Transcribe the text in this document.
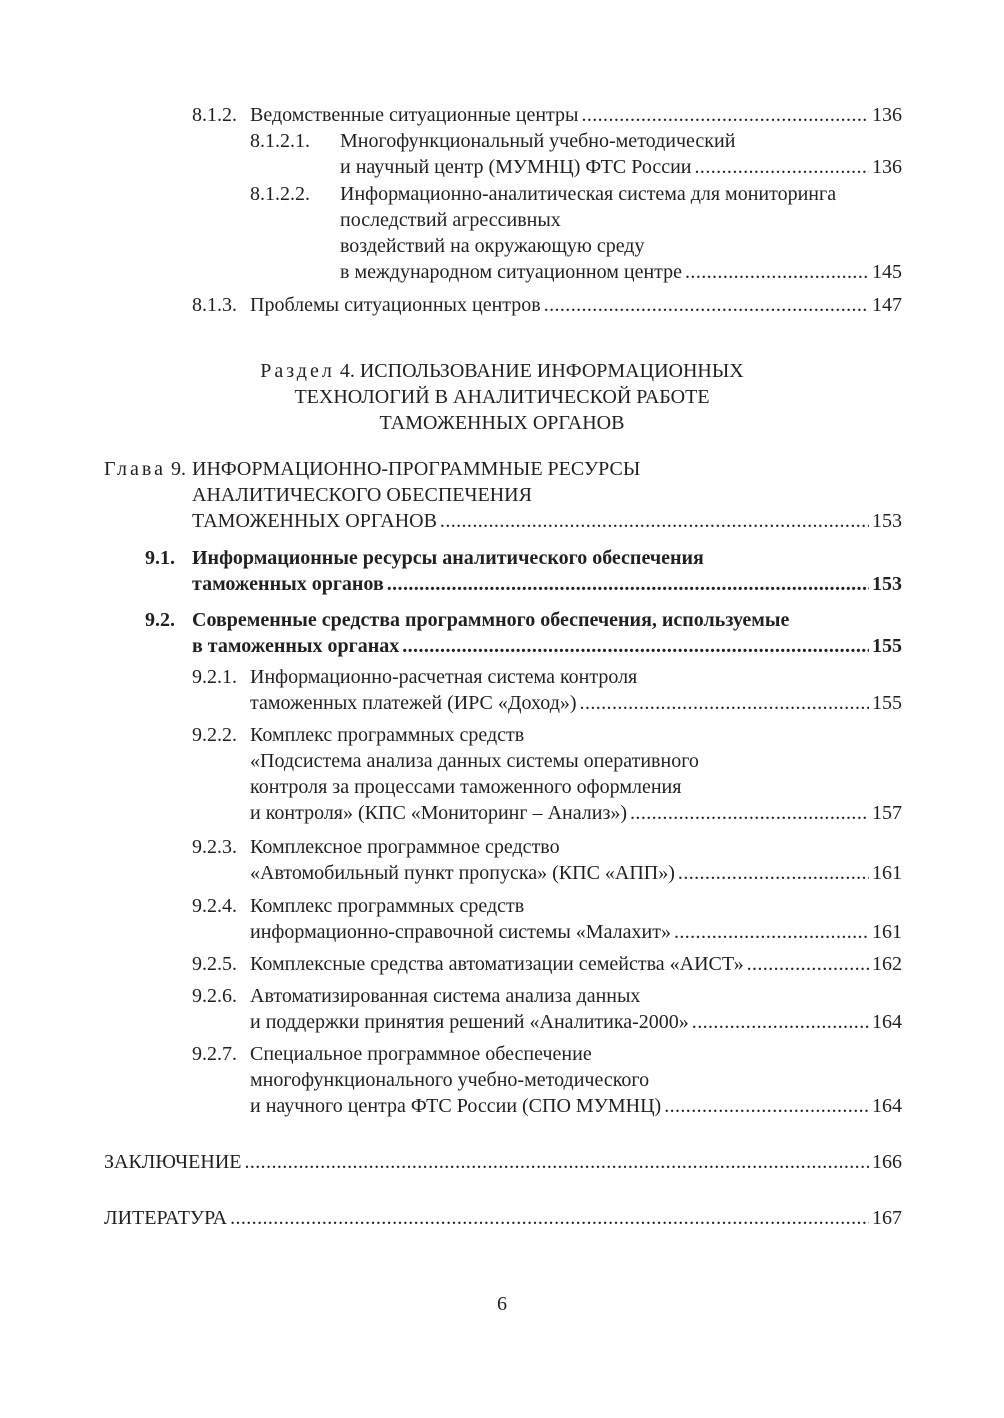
8.1.2. Ведомственные ситуационные центры . . .	136
8.1.2.1. Многофункциональный учебно-методический
и научный центр (МУМНЦ) ФТС России . . .	136
8.1.2.2. Информационно-аналитическая система для мониторинга
последствий агрессивных
воздействий на окружающую среду
в международном ситуационном центре . . .	145
8.1.3. Проблемы ситуационных центров . . .	147
Раздел 4. ИСПОЛЬЗОВАНИЕ ИНФОРМАЦИОННЫХ
ТЕХНОЛОГИЙ В АНАЛИТИЧЕСКОЙ РАБОТЕ
ТАМОЖЕННЫХ ОРГАНОВ
Глава 9. ИНФОРМАЦИОННО-ПРОГРАММНЫЕ РЕСУРСЫ
АНАЛИТИЧЕСКОГО ОБЕСПЕЧЕНИЯ
ТАМОЖЕННЫХ ОРГАНОВ . . .	153
9.1. Информационные ресурсы аналитического обеспечения
таможенных органов . . .	153
9.2. Современные средства программного обеспечения, используемые
в таможенных органах . . .	155
9.2.1. Информационно-расчетная система контроля
таможенных платежей (ИРС «Доход») . . .	155
9.2.2. Комплекс программных средств
«Подсистема анализа данных системы оперативного
контроля за процессами таможенного оформления
и контроля» (КПС «Мониторинг – Анализ») . . .	157
9.2.3. Комплексное программное средство
«Автомобильный пункт пропуска» (КПС «АПП») . . .	161
9.2.4. Комплекс программных средств
информационно-справочной системы «Малахит» . . .	161
9.2.5. Комплексные средства автоматизации семейства «АИСТ» . . .	162
9.2.6. Автоматизированная система анализа данных
и поддержки принятия решений «Аналитика-2000» . . .	164
9.2.7. Специальное программное обеспечение
многофункционального учебно-методического
и научного центра ФТС России (СПО МУМНЦ) . . .	164
ЗАКЛЮЧЕНИЕ . . .	166
ЛИТЕРАТУРА . . .	167
6
